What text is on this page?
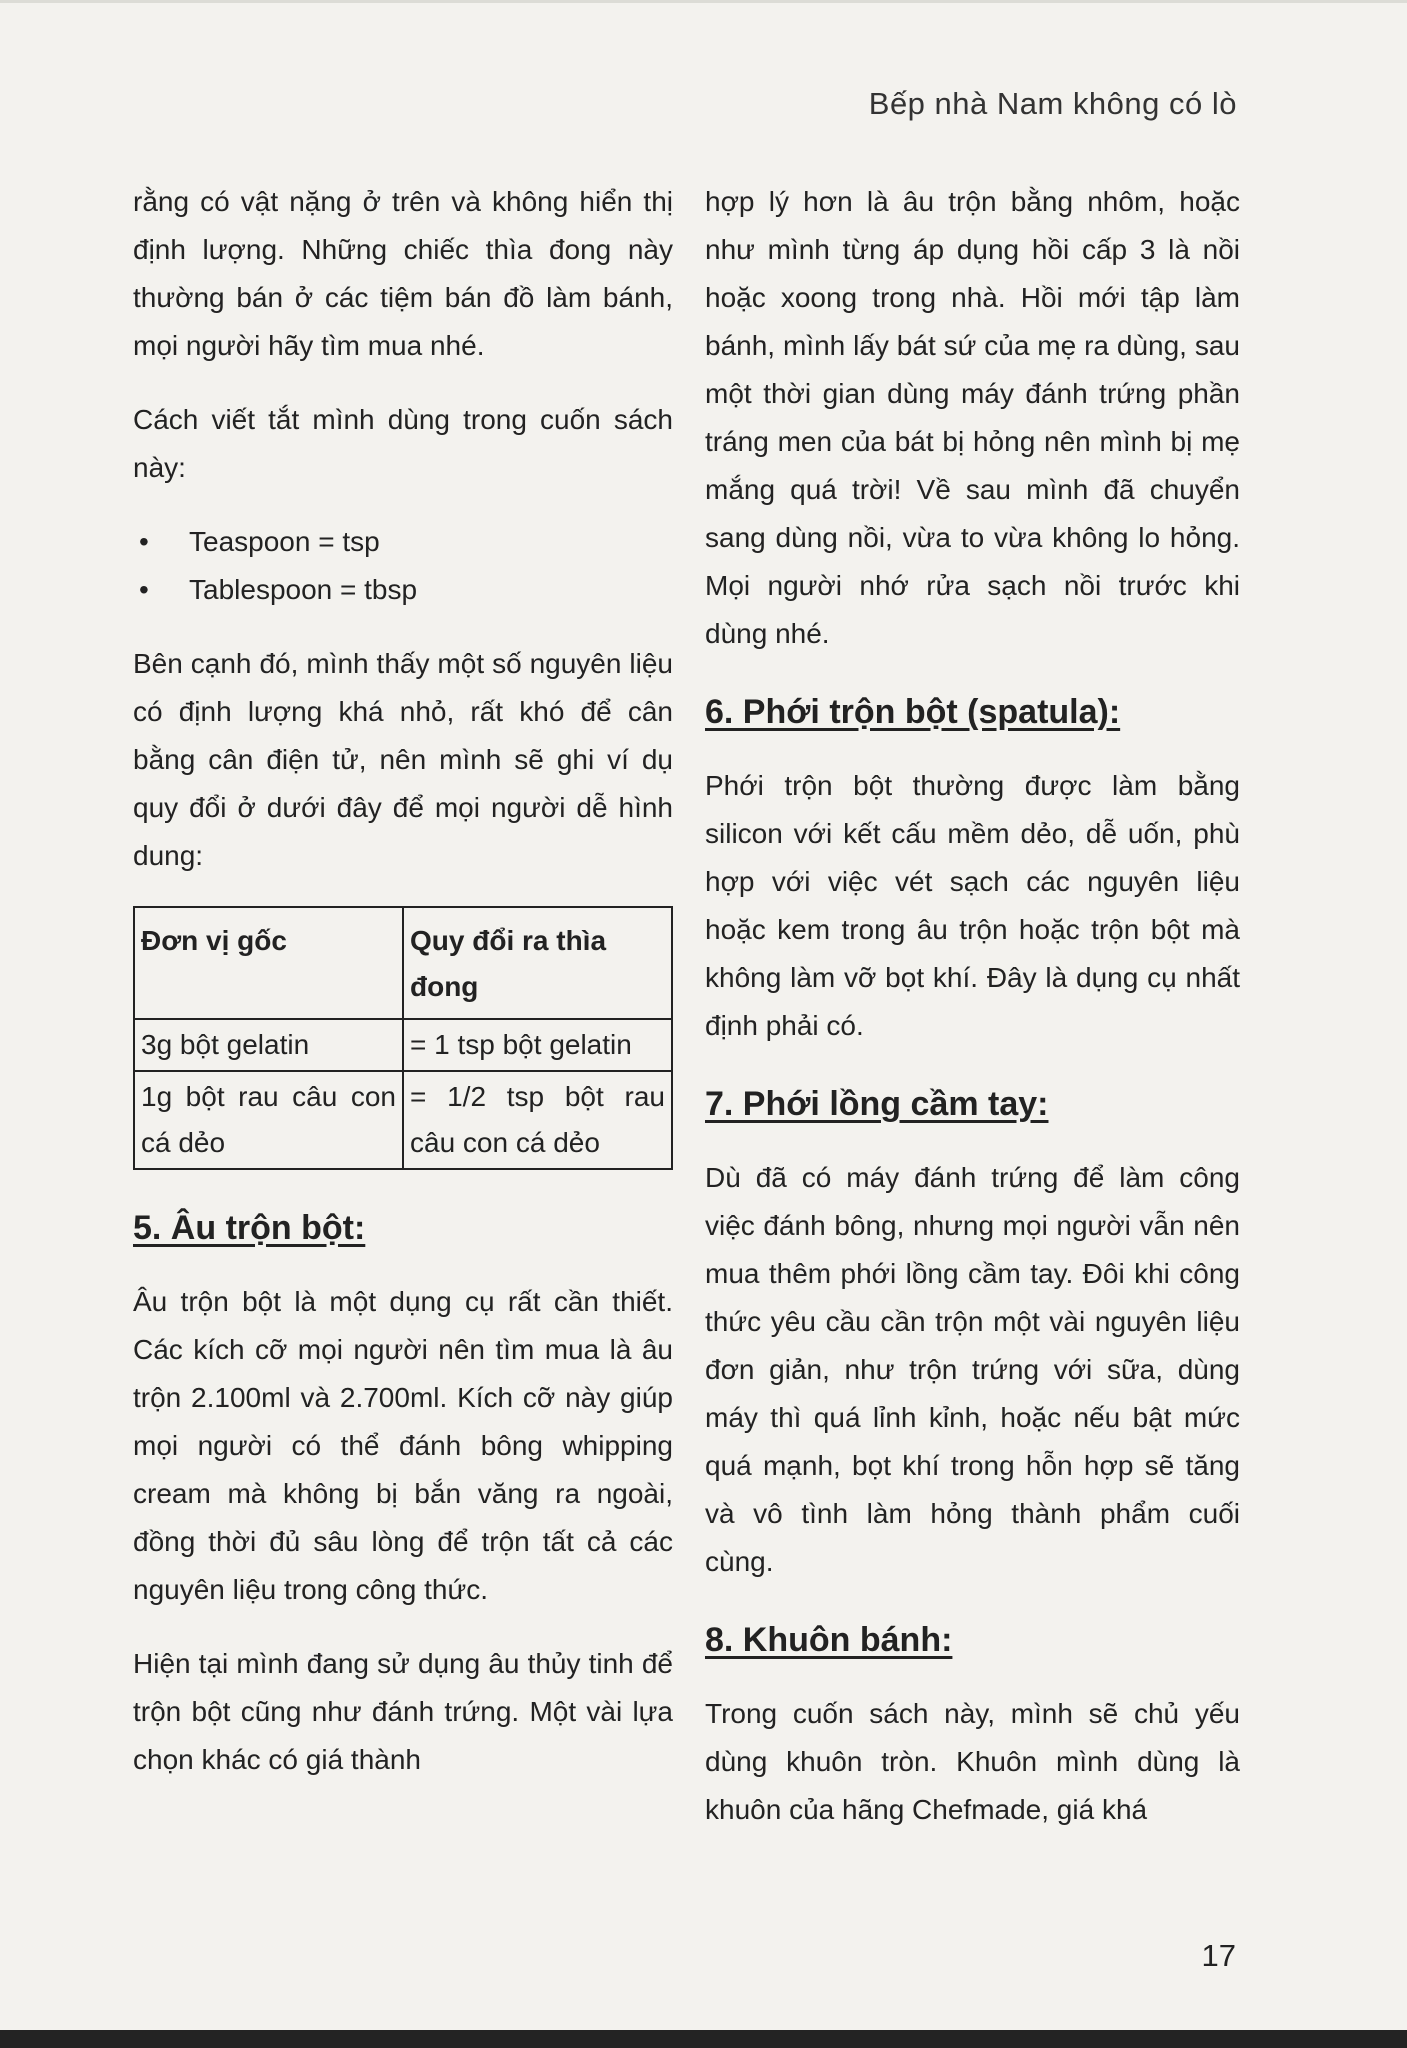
Bếp nhà Nam không có lò

rằng có vật nặng ở trên và không hiển thị định lượng. Những chiếc thìa đong này thường bán ở các tiệm bán đồ làm bánh, mọi người hãy tìm mua nhé.

Cách viết tắt mình dùng trong cuốn sách này:

• Teaspoon = tsp
• Tablespoon = tbsp

Bên cạnh đó, mình thấy một số nguyên liệu có định lượng khá nhỏ, rất khó để cân bằng cân điện tử, nên mình sẽ ghi ví dụ quy đổi ở dưới đây để mọi người dễ hình dung:

Đơn vị gốc	Quy đổi ra thìa đong
3g bột gelatin	= 1 tsp bột gelatin
1g bột rau câu con cá dẻo	= 1/2 tsp bột rau câu con cá dẻo
5. Âu trộn bột:

Âu trộn bột là một dụng cụ rất cần thiết. Các kích cỡ mọi người nên tìm mua là âu trộn 2.100ml và 2.700ml. Kích cỡ này giúp mọi người có thể đánh bông whipping cream mà không bị bắn văng ra ngoài, đồng thời đủ sâu lòng để trộn tất cả các nguyên liệu trong công thức.

Hiện tại mình đang sử dụng âu thủy tinh để trộn bột cũng như đánh trứng. Một vài lựa chọn khác có giá thành

hợp lý hơn là âu trộn bằng nhôm, hoặc như mình từng áp dụng hồi cấp 3 là nồi hoặc xoong trong nhà. Hồi mới tập làm bánh, mình lấy bát sứ của mẹ ra dùng, sau một thời gian dùng máy đánh trứng phần tráng men của bát bị hỏng nên mình bị mẹ mắng quá trời! Về sau mình đã chuyển sang dùng nồi, vừa to vừa không lo hỏng. Mọi người nhớ rửa sạch nồi trước khi dùng nhé.

6. Phới trộn bột (spatula):

Phới trộn bột thường được làm bằng silicon với kết cấu mềm dẻo, dễ uốn, phù hợp với việc vét sạch các nguyên liệu hoặc kem trong âu trộn hoặc trộn bột mà không làm vỡ bọt khí. Đây là dụng cụ nhất định phải có.

7. Phới lồng cầm tay:

Dù đã có máy đánh trứng để làm công việc đánh bông, nhưng mọi người vẫn nên mua thêm phới lồng cầm tay. Đôi khi công thức yêu cầu cần trộn một vài nguyên liệu đơn giản, như trộn trứng với sữa, dùng máy thì quá lỉnh kỉnh, hoặc nếu bật mức quá mạnh, bọt khí trong hỗn hợp sẽ tăng và vô tình làm hỏng thành phẩm cuối cùng.

8. Khuôn bánh:

Trong cuốn sách này, mình sẽ chủ yếu dùng khuôn tròn. Khuôn mình dùng là khuôn của hãng Chefmade, giá khá

17
